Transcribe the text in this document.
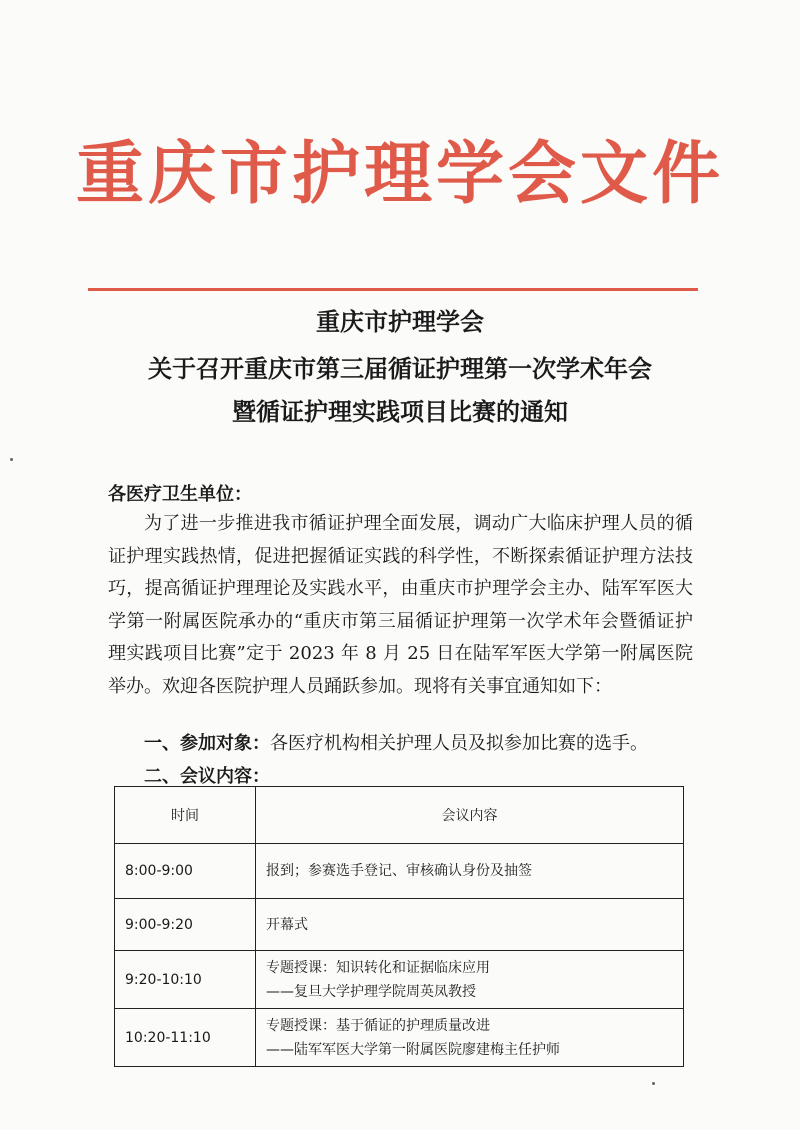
重庆市护理学会文件
重庆市护理学会
关于召开重庆市第三届循证护理第一次学术年会
暨循证护理实践项目比赛的通知
各医疗卫生单位：
为了进一步推进我市循证护理全面发展，调动广大临床护理人员的循证护理实践热情，促进把握循证实践的科学性，不断探索循证护理方法技巧，提高循证护理理论及实践水平，由重庆市护理学会主办、陆军军医大学第一附属医院承办的“重庆市第三届循证护理第一次学术年会暨循证护理实践项目比赛”定于 2023 年 8 月 25 日在陆军军医大学第一附属医院举办。欢迎各医院护理人员踊跃参加。现将有关事宜通知如下：
一、参加对象：各医疗机构相关护理人员及拟参加比赛的选手。
二、会议内容：
时间	会议内容
8:00-9:00	报到；参赛选手登记、审核确认身份及抽签

9:00-9:20	开幕式

9:20-10:10	专题授课：知识转化和证据临床应用
——复旦大学护理学院周英凤教授

10:20-11:10	专题授课：基于循证的护理质量改进
——陆军军医大学第一附属医院廖建梅主任护师
